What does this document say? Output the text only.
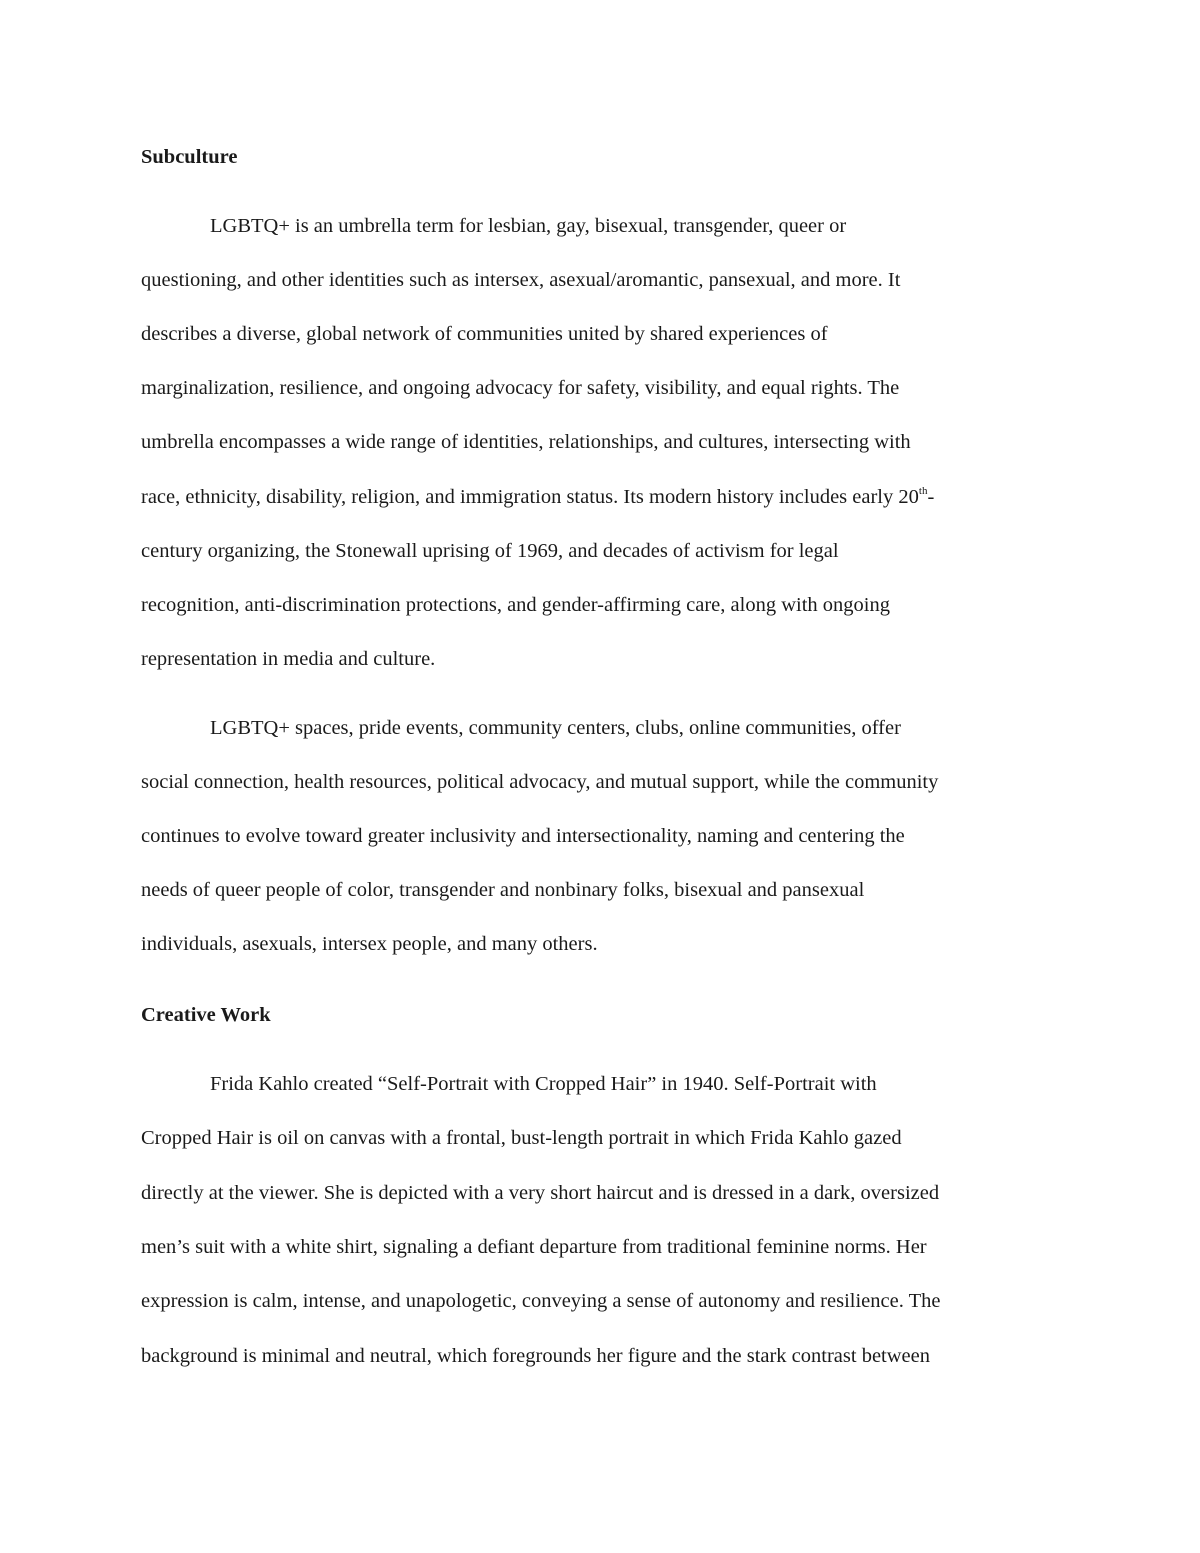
Subculture
LGBTQ+ is an umbrella term for lesbian, gay, bisexual, transgender, queer or
questioning, and other identities such as intersex, asexual/aromantic, pansexual, and more. It
describes a diverse, global network of communities united by shared experiences of
marginalization, resilience, and ongoing advocacy for safety, visibility, and equal rights. The
umbrella encompasses a wide range of identities, relationships, and cultures, intersecting with
race, ethnicity, disability, religion, and immigration status. Its modern history includes early 20th-
century organizing, the Stonewall uprising of 1969, and decades of activism for legal
recognition, anti-discrimination protections, and gender-affirming care, along with ongoing
representation in media and culture.
LGBTQ+ spaces, pride events, community centers, clubs, online communities, offer
social connection, health resources, political advocacy, and mutual support, while the community
continues to evolve toward greater inclusivity and intersectionality, naming and centering the
needs of queer people of color, transgender and nonbinary folks, bisexual and pansexual
individuals, asexuals, intersex people, and many others.
Creative Work
Frida Kahlo created “Self-Portrait with Cropped Hair” in 1940. Self-Portrait with
Cropped Hair is oil on canvas with a frontal, bust-length portrait in which Frida Kahlo gazed
directly at the viewer. She is depicted with a very short haircut and is dressed in a dark, oversized
men’s suit with a white shirt, signaling a defiant departure from traditional feminine norms. Her
expression is calm, intense, and unapologetic, conveying a sense of autonomy and resilience. The
background is minimal and neutral, which foregrounds her figure and the stark contrast between
